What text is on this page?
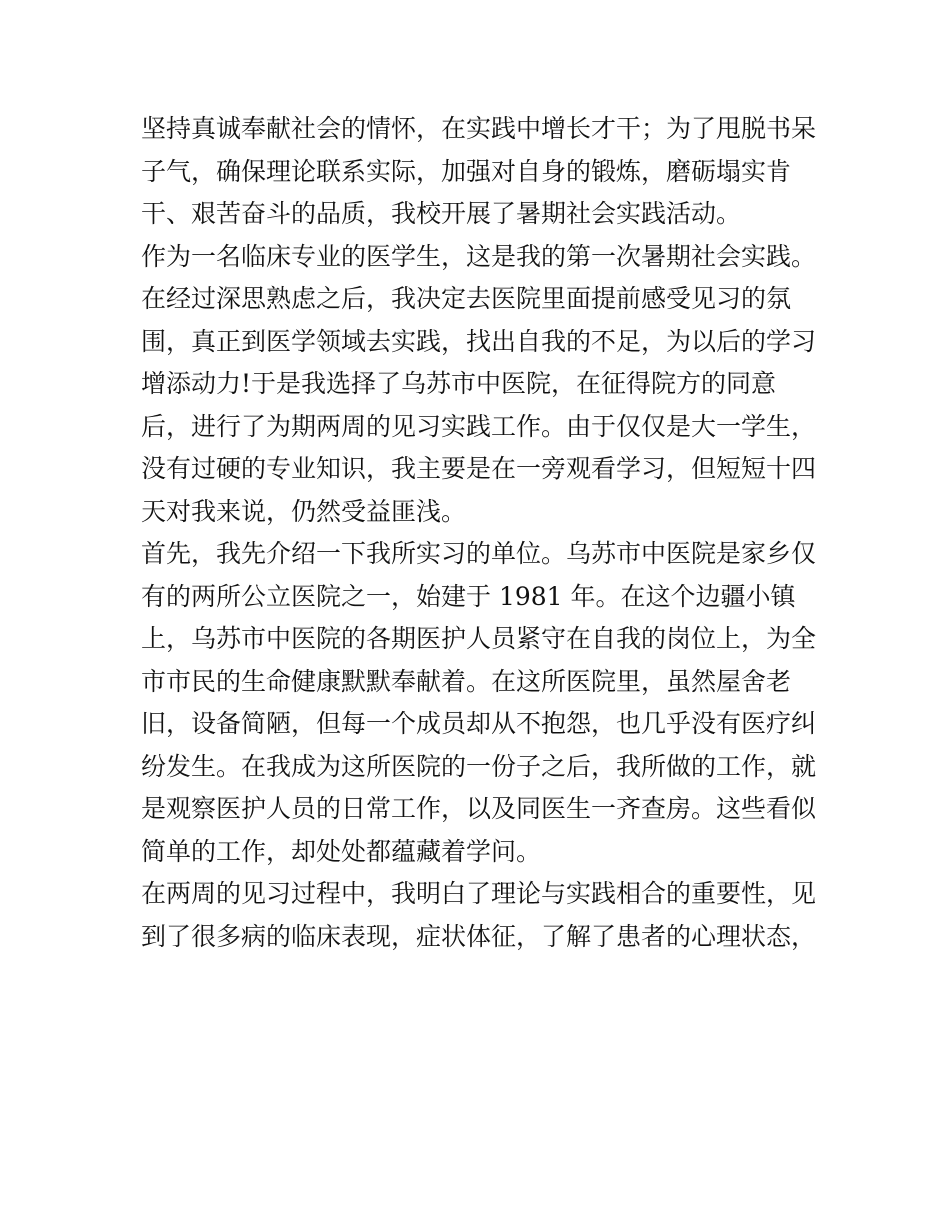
坚持真诚奉献社会的情怀，在实践中增长才干；为了甩脱书呆
子气，确保理论联系实际，加强对自身的锻炼，磨砺塌实肯
干、艰苦奋斗的品质，我校开展了暑期社会实践活动。
作为一名临床专业的医学生，这是我的第一次暑期社会实践。
在经过深思熟虑之后，我决定去医院里面提前感受见习的氛
围，真正到医学领域去实践，找出自我的不足，为以后的学习
增添动力!于是我选择了乌苏市中医院，在征得院方的同意
后，进行了为期两周的见习实践工作。由于仅仅是大一学生，
没有过硬的专业知识，我主要是在一旁观看学习，但短短十四
天对我来说，仍然受益匪浅。
首先，我先介绍一下我所实习的单位。乌苏市中医院是家乡仅
有的两所公立医院之一，始建于 1981 年。在这个边疆小镇
上，乌苏市中医院的各期医护人员紧守在自我的岗位上，为全
市市民的生命健康默默奉献着。在这所医院里，虽然屋舍老
旧，设备简陋，但每一个成员却从不抱怨，也几乎没有医疗纠
纷发生。在我成为这所医院的一份子之后，我所做的工作，就
是观察医护人员的日常工作，以及同医生一齐查房。这些看似
简单的工作，却处处都蕴藏着学问。
在两周的见习过程中，我明白了理论与实践相合的重要性，见
到了很多病的临床表现，症状体征，了解了患者的心理状态，
